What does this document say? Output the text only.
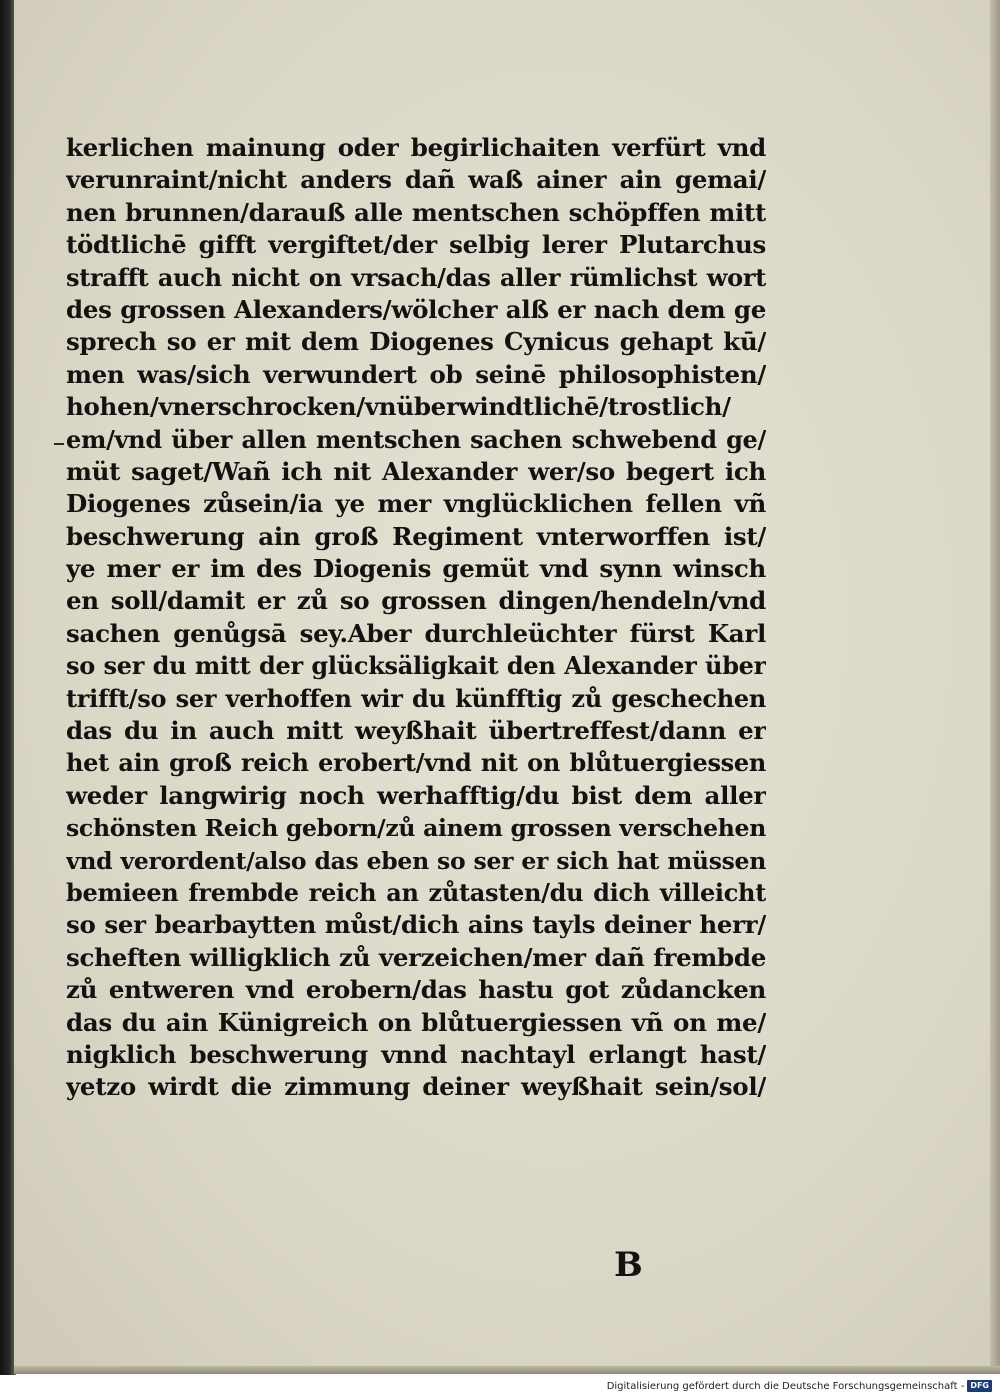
kerlichen mainung oder begirlichaiten verfürt vnd
verunraint/nicht anders dañ waß ainer ain gemai/
nen brunnen/darauß alle mentschen schöpffen mitt
tödtlichē gifft vergiftet/der selbig lerer Plutarchus
strafft auch nicht on vrsach/das aller rümlichst wort
des grossen Alexanders/wölcher alß er nach dem ge
sprech so er mit dem Diogenes Cynicus gehapt kū/
men was/sich verwundert ob seinē philosophisten/
hohen/vnerschrocken/vnüberwindtlichē/trostlich/
em/vnd über allen mentschen sachen schwebend ge/
müt saget/Wañ ich nit Alexander wer/so begert ich
Diogenes zůsein/ia ye mer vnglücklichen fellen vñ
beschwerung ain groß Regiment vnterworffen ist/
ye mer er im des Diogenis gemüt vnd synn winsch
en soll/damit er zů so grossen dingen/hendeln/vnd
sachen genůgsā sey.Aber durchleüchter fürst Karl
so ser du mitt der glücksäligkait den Alexander über
trifft/so ser verhoffen wir du künfftig zů geschechen
das du in auch mitt weyßhait übertreffest/dann er
het ain groß reich erobert/vnd nit on blůtuergiessen
weder langwirig noch werhafftig/du bist dem aller
schönsten Reich geborn/zů ainem grossen verschehen
vnd verordent/also das eben so ser er sich hat müssen
bemieen frembde reich an zůtasten/du dich villeicht
so ser bearbaytten můst/dich ains tayls deiner herr/
scheften willigklich zů verzeichen/mer dañ frembde
zů entweren vnd erobern/das hastu got zůdancken
das du ain Künigreich on blůtuergiessen vñ on me/
nigklich beschwerung vnnd nachtayl erlangt hast/
yetzo wirdt die zimmung deiner weyßhait sein/sol/
B
Digitalisierung gefördert durch die Deutsche Forschungsgemeinschaft - DFG
